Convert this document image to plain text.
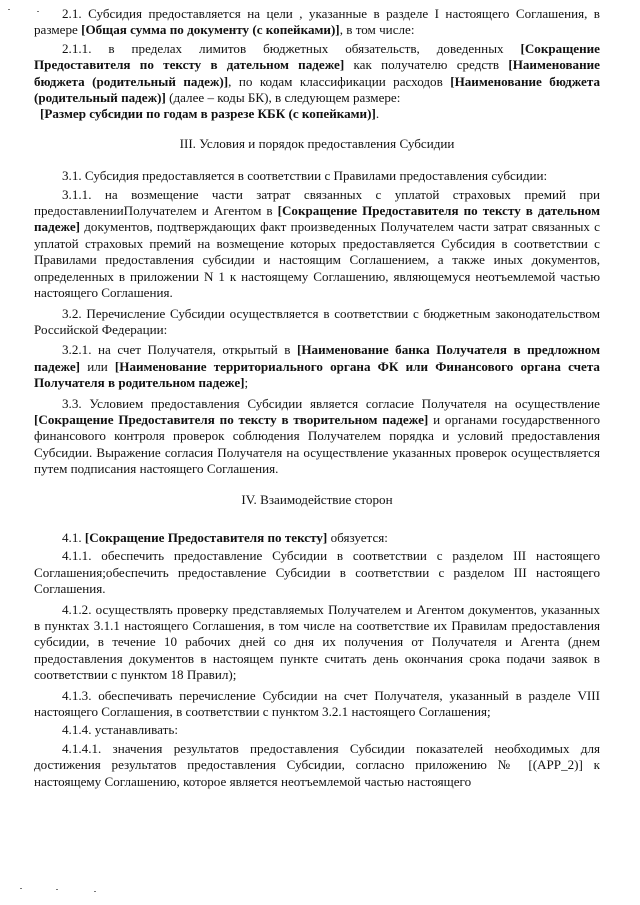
2.1. Субсидия предоставляется на цели , указанные в разделе I настоящего Соглашения, в размере [Общая сумма по документу (с копейками)], в том числе:

2.1.1. в пределах лимитов бюджетных обязательств, доведенных [Сокращение Предоставителя по тексту в дательном падеже] как получателю средств [Наименование бюджета (родительный падеж)], по кодам классификации расходов [Наименование бюджета (родительный падеж)] (далее – коды БК), в следующем размере:

[Размер субсидии по годам в разрезе КБК (с копейками)].

III. Условия и порядок предоставления Субсидии

3.1. Субсидия предоставляется в соответствии с Правилами предоставления субсидии:

3.1.1. на возмещение части затрат связанных с уплатой страховых премий при предоставленииПолучателем и Агентом в [Сокращение Предоставителя по тексту в дательном падеже] документов, подтверждающих факт произведенных Получателем части затрат связанных с уплатой страховых премий на возмещение которых предоставляется Субсидия в соответствии с Правилами предоставления субсидии и настоящим Соглашением, а также иных документов, определенных в приложении N 1 к настоящему Соглашению, являющемуся неотъемлемой частью настоящего Соглашения.

3.2. Перечисление Субсидии осуществляется в соответствии с бюджетным законодательством Российской Федерации:

3.2.1. на счет Получателя, открытый в [Наименование банка Получателя в предложном падеже] или [Наименование территориального органа ФК или Финансового органа счета Получателя в родительном падеже];

3.3. Условием предоставления Субсидии является согласие Получателя на осуществление [Сокращение Предоставителя по тексту в творительном падеже] и органами государственного финансового контроля проверок соблюдения Получателем порядка и условий предоставления Субсидии. Выражение согласия Получателя на осуществление указанных проверок осуществляется путем подписания настоящего Соглашения.

IV. Взаимодействие сторон

4.1. [Сокращение Предоставителя по тексту] обязуется:

4.1.1. обеспечить предоставление Субсидии в соответствии с разделом III настоящего Соглашения;обеспечить предоставление Субсидии в соответствии с разделом III настоящего Соглашения.

4.1.2. осуществлять проверку представляемых Получателем и Агентом документов, указанных в пунктах 3.1.1 настоящего Соглашения, в том числе на соответствие их Правилам предоставления субсидии, в течение 10 рабочих дней со дня их получения от Получателя и Агента (днем предоставления документов в настоящем пункте считать день окончания срока подачи заявок в соответствии с пунктом 18 Правил);

4.1.3. обеспечивать перечисление Субсидии на счет Получателя, указанный в разделе VIII настоящего Соглашения, в соответствии с пунктом 3.2.1 настоящего Соглашения;

4.1.4. устанавливать:

4.1.4.1. значения результатов предоставления Субсидии показателей необходимых для достижения результатов предоставления Субсидии, согласно приложению № [(APP_2)] к настоящему Соглашению, которое является неотъемлемой частью настоящего
